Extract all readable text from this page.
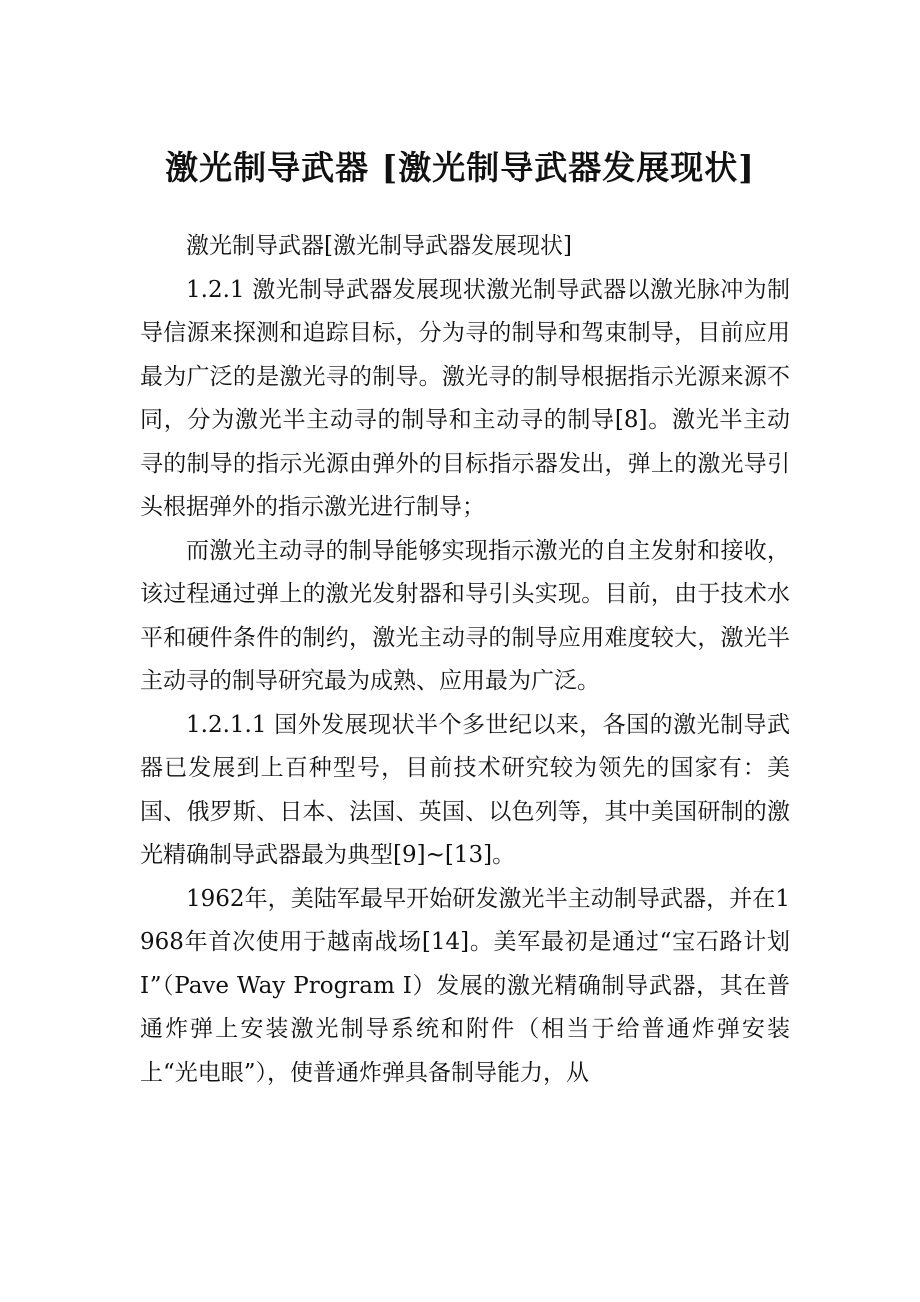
激光制导武器 [激光制导武器发展现状]

激光制导武器[激光制导武器发展现状]

1.2.1 激光制导武器发展现状激光制导武器以激光脉冲为制导信源来探测和追踪目标，分为寻的制导和驾束制导，目前应用最为广泛的是激光寻的制导。激光寻的制导根据指示光源来源不同，分为激光半主动寻的制导和主动寻的制导[8]。激光半主动寻的制导的指示光源由弹外的目标指示器发出，弹上的激光导引头根据弹外的指示激光进行制导；

而激光主动寻的制导能够实现指示激光的自主发射和接收，该过程通过弹上的激光发射器和导引头实现。目前，由于技术水平和硬件条件的制约，激光主动寻的制导应用难度较大，激光半主动寻的制导研究最为成熟、应用最为广泛。

1.2.1.1 国外发展现状半个多世纪以来，各国的激光制导武器已发展到上百种型号，目前技术研究较为领先的国家有：美国、俄罗斯、日本、法国、英国、以色列等，其中美国研制的激光精确制导武器最为典型[9]~[13]。

1962年，美陆军最早开始研发激光半主动制导武器，并在1968年首次使用于越南战场[14]。美军最初是通过“宝石路计划Ⅰ”（Pave Way Program Ⅰ）发展的激光精确制导武器，其在普通炸弹上安装激光制导系统和附件（相当于给普通炸弹安装上“光电眼”），使普通炸弹具备制导能力，从
